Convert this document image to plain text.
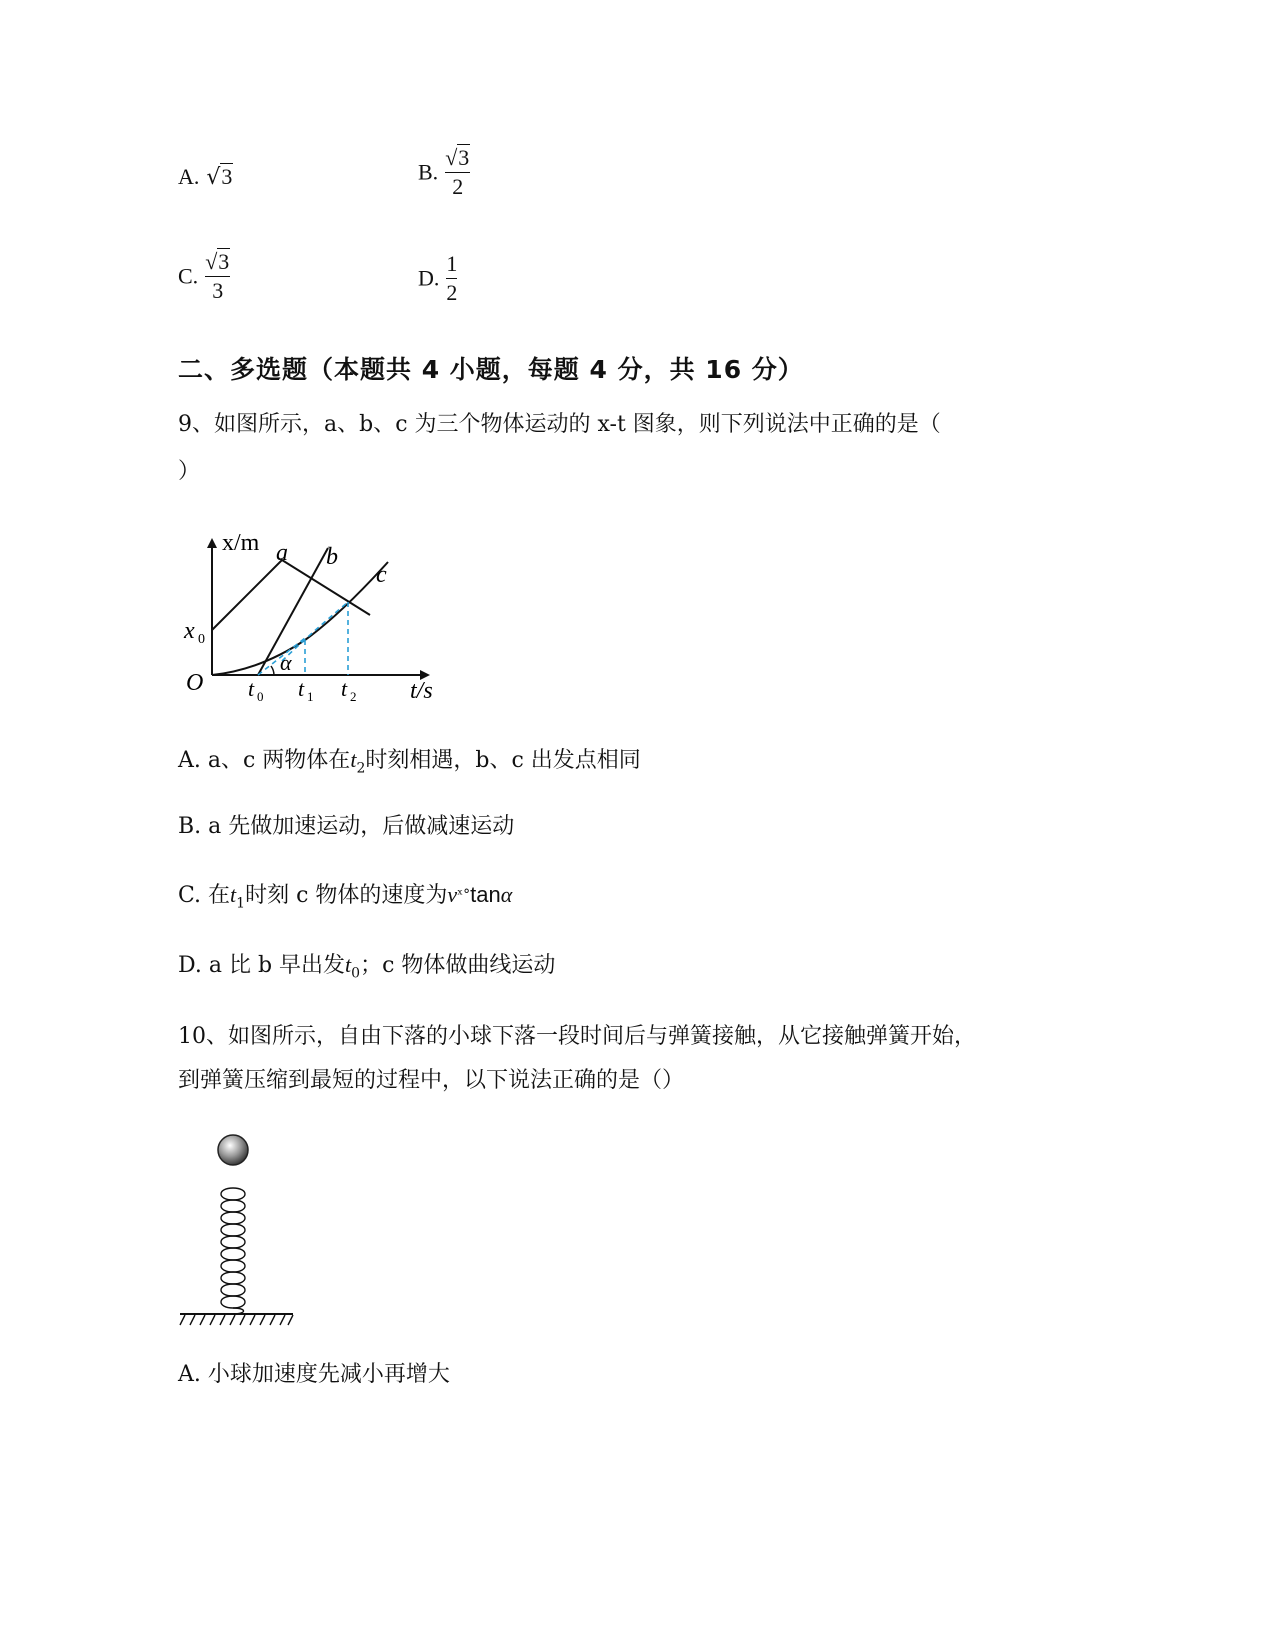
A. √3	B. $\frac{√3}{2}$
C. $\frac{√3}{3}$	D. $\frac{1}{2}$
二、多选题（本题共 4 小题，每题 4 分，共 16 分）
9、如图所示，a、b、c 为三个物体运动的 x-t 图象，则下列说法中正确的是（
）
x/m
t/s
O
x 0
a b
c
α
t 0 t 1 t 2
A. a、c 两物体在$t_2$时刻相遇，b、c 出发点相同
B. a 先做加速运动，后做减速运动
C. 在$t_1$时刻 c 物体的速度为$v^{ˣ^\circ}\tan\alpha$
D. a 比 b 早出发$t_0$；c 物体做曲线运动
10、如图所示，自由下落的小球下落一段时间后与弹簧接触，从它接触弹簧开始，
到弹簧压缩到最短的过程中，以下说法正确的是（）
A. 小球加速度先减小再增大
